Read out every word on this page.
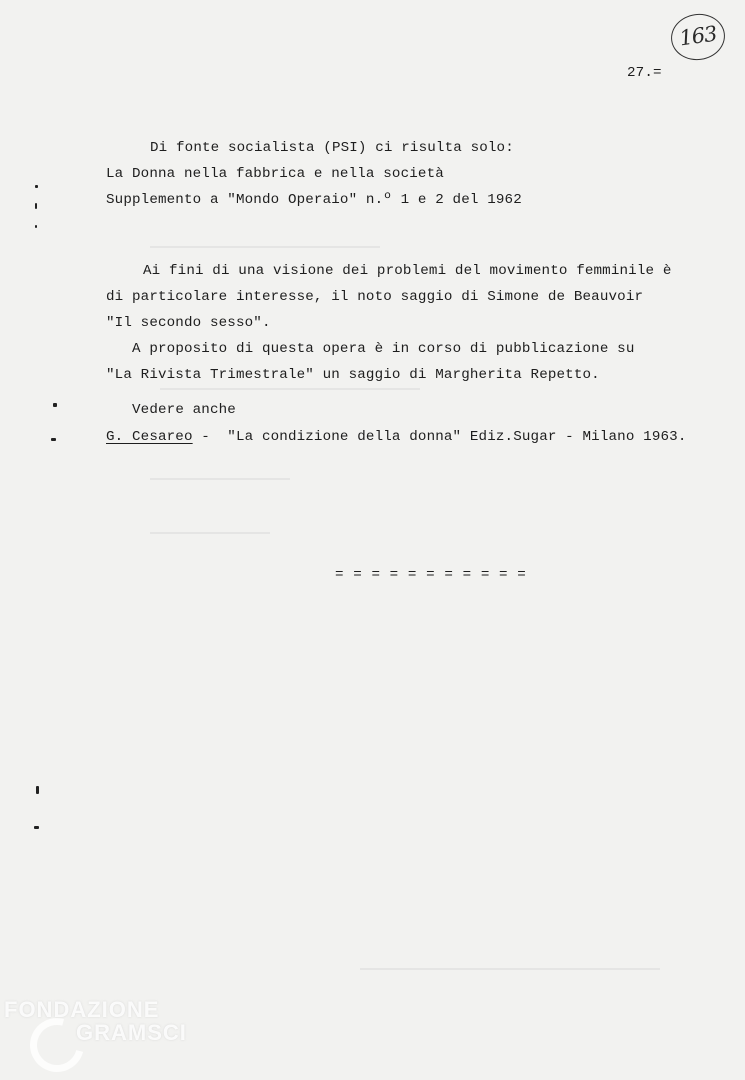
163
27.=
Di fonte socialista (PSI) ci risulta solo:
La Donna nella fabbrica e nella società
Supplemento a "Mondo Operaio" n.º 1 e 2 del 1962
Ai fini di una visione dei problemi del movimento femminile è
di particolare interesse, il noto saggio di Simone de Beauvoir
"Il secondo sesso".
A proposito di questa opera è in corso di pubblicazione su
"La Rivista Trimestrale" un saggio di Margherita Repetto.
Vedere anche
G. Cesareo -  "La condizione della donna" Ediz.Sugar - Milano 1963.
= = = = = = = = = = =
FONDAZIONE
GRAMSCI
